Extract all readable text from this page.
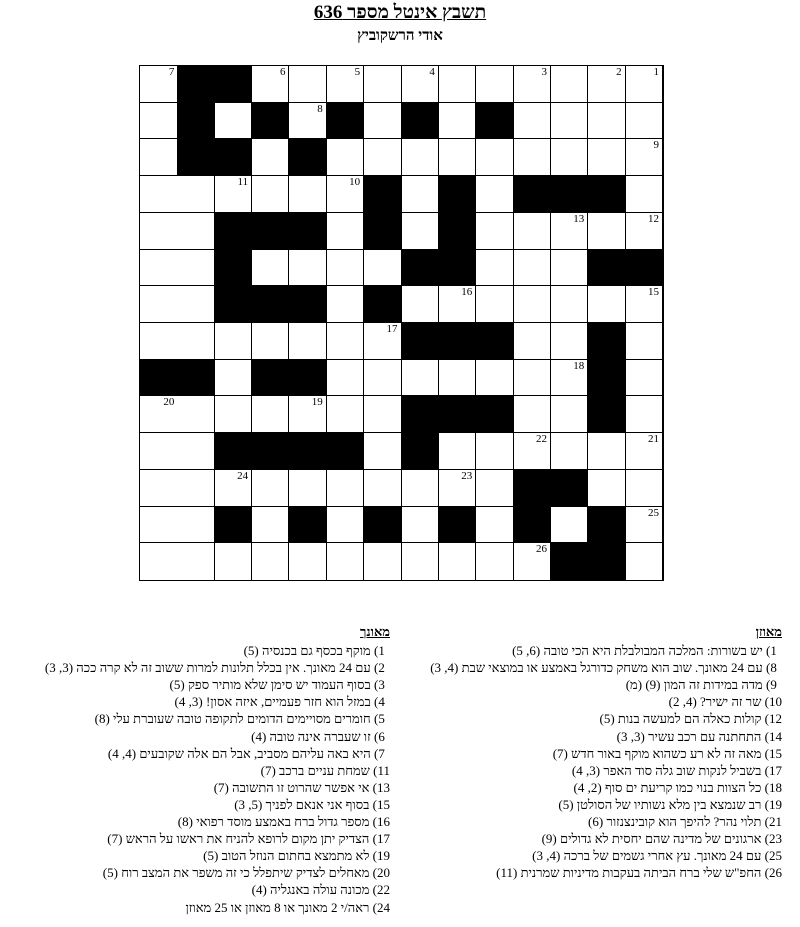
תשבץ אינטל מספר 636
אודי הרשקוביץ
1
2
3
4
5
6
7
8
9
10
11
12
13
14
15
16
17
18
19
20
21
22
23
24
25
26
מאוזן
1) יש בשורות: המלכה המבולבלת היא הכי טובה (6, 5)
8) עם 24 מאונך. שוב הוא משחק כדורגל באמצע או במוצאי שבת (4, 3)
9) מדה במידות זה המון (9) (מ)
10) שר זה ישיר? (4, 2)
12) קולות כאלה הם למעשה בנות (5)
14) התחתנה עם רכב עשיר (3, 3)
15) מאה זה לא רע כשהוא מוקף באור חדש (7)
17) בשביל לנקות שוב גלה סוד האפר (3, 4)
18) כל הצוות בנוי כמו קריעת ים סוף (2, 4)
19) רב שנמצא בין מלא נשותיו של הסולטן (5)
21) תלוי נהר? להיפך הוא קובינצנזור (6)
23) ארגונים של מדינה שהם יחסית לא גדולים (9)
25) עם 24 מאונך. עץ אחרי גשמים של ברכה (4, 3)
26) החפ"ש שלי ברח הביתה בעקבות מדיניות שמרנית (11)
מאונך
1) מוקף בכסף גם בכנסיה (5)
2) עם 24 מאונך. אין בכלל תלונות למרות ששוב זה לא קרה ככה (3, 3)
3) בסוף העמוד יש סימן שלא מותיר ספק (5)
4) במזל הוא חזר פעמיים, איזה אסון! (3, 4)
5) חומרים מסויימים הדומים לתקופה טובה שעוברת עלי (8)
6) זו שעברה אינה טובה (4)
7) היא באה עליהם מסביב, אבל הם אלה שקובעים (4, 4)
11) שמחת עניים ברכב (7)
13) אי אפשר שהרוט זו התשובה (7)
15) בסוף אני אנאם לפניך (5, 3)
16) מספר גדול ברח באמצע מוסד רפואי (8)
17) הצדיק יתן מקום לרופא להניח את ראשו על הראש (7)
19) לא מתמצא בחתום הנוזל הטוב (5)
20) מאחלים לצדיק שיתפלל כי זה משפר את המצב רוח (5)
22) מכונה עולה באנגליה (4)
24) ראה/י 2 מאונך או 8 מאוזן או 25 מאוזן
